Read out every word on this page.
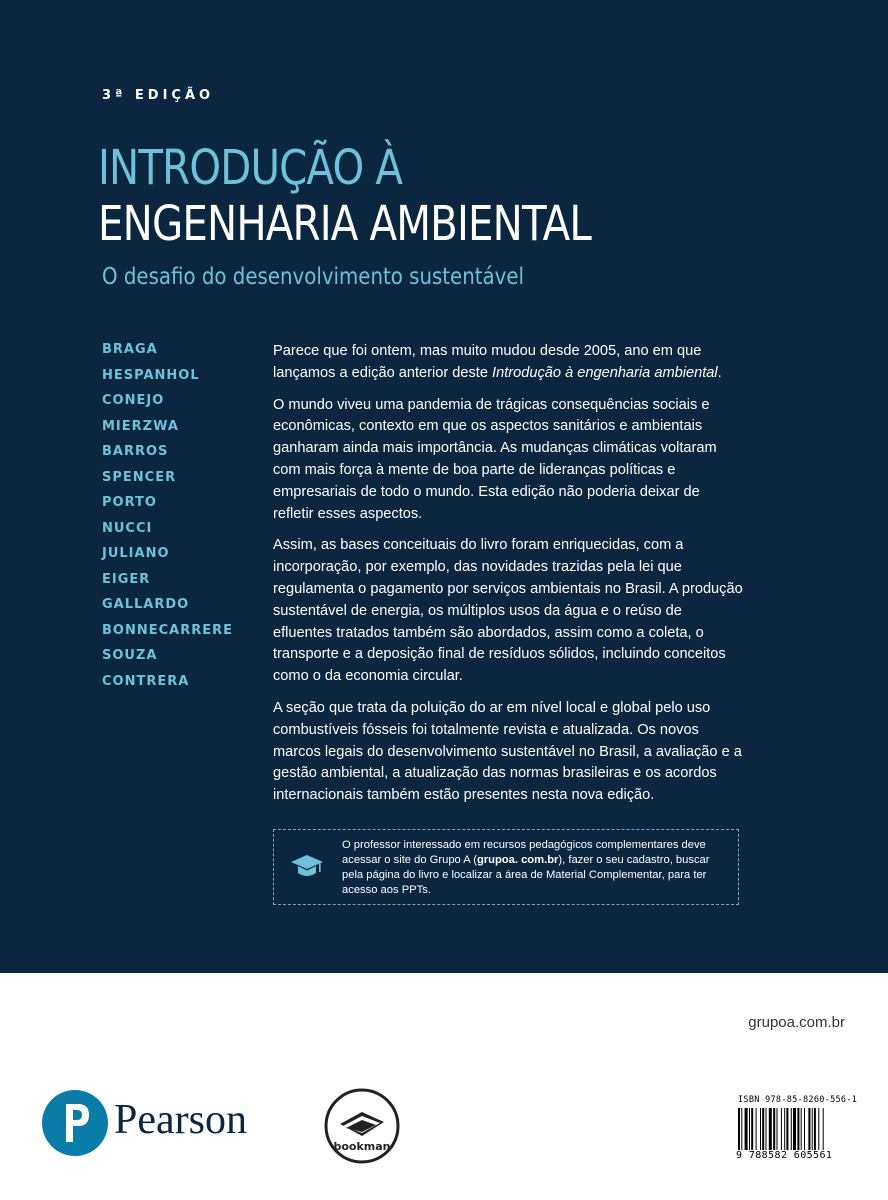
3ª EDIÇÃO
INTRODUÇÃO À
ENGENHARIA AMBIENTAL
O desafio do desenvolvimento sustentável
BRAGA
HESPANHOL
CONEJO
MIERZWA
BARROS
SPENCER
PORTO
NUCCI
JULIANO
EIGER
GALLARDO
BONNECARRERE
SOUZA
CONTRERA

Parece que foi ontem, mas muito mudou desde 2005, ano em que lançamos a edição anterior deste Introdução à engenharia ambiental.

O mundo viveu uma pandemia de trágicas consequências sociais e econômicas, contexto em que os aspectos sanitários e ambientais ganharam ainda mais importância. As mudanças climáticas voltaram com mais força à mente de boa parte de lideranças políticas e empresariais de todo o mundo. Esta edição não poderia deixar de refletir esses aspectos.

Assim, as bases conceituais do livro foram enriquecidas, com a incorporação, por exemplo, das novidades trazidas pela lei que regulamenta o pagamento por serviços ambientais no Brasil. A produção sustentável de energia, os múltiplos usos da água e o reúso de efluentes tratados também são abordados, assim como a coleta, o transporte e a deposição final de resíduos sólidos, incluindo conceitos como o da economia circular.

A seção que trata da poluição do ar em nível local e global pelo uso combustíveis fósseis foi totalmente revista e atualizada. Os novos marcos legais do desenvolvimento sustentável no Brasil, a avaliação e a gestão ambiental, a atualização das normas brasileiras e os acordos internacionais também estão presentes nesta nova edição.

O professor interessado em recursos pedagógicos complementares deve acessar o site do Grupo A (grupoa. com.br), fazer o seu cadastro, buscar pela página do livro e localizar a área de Material Complementar, para ter acesso aos PPTs.
grupoa.com.br
Pearson
bookman
ISBN 978-85-8260-556-1
9 788582 605561
